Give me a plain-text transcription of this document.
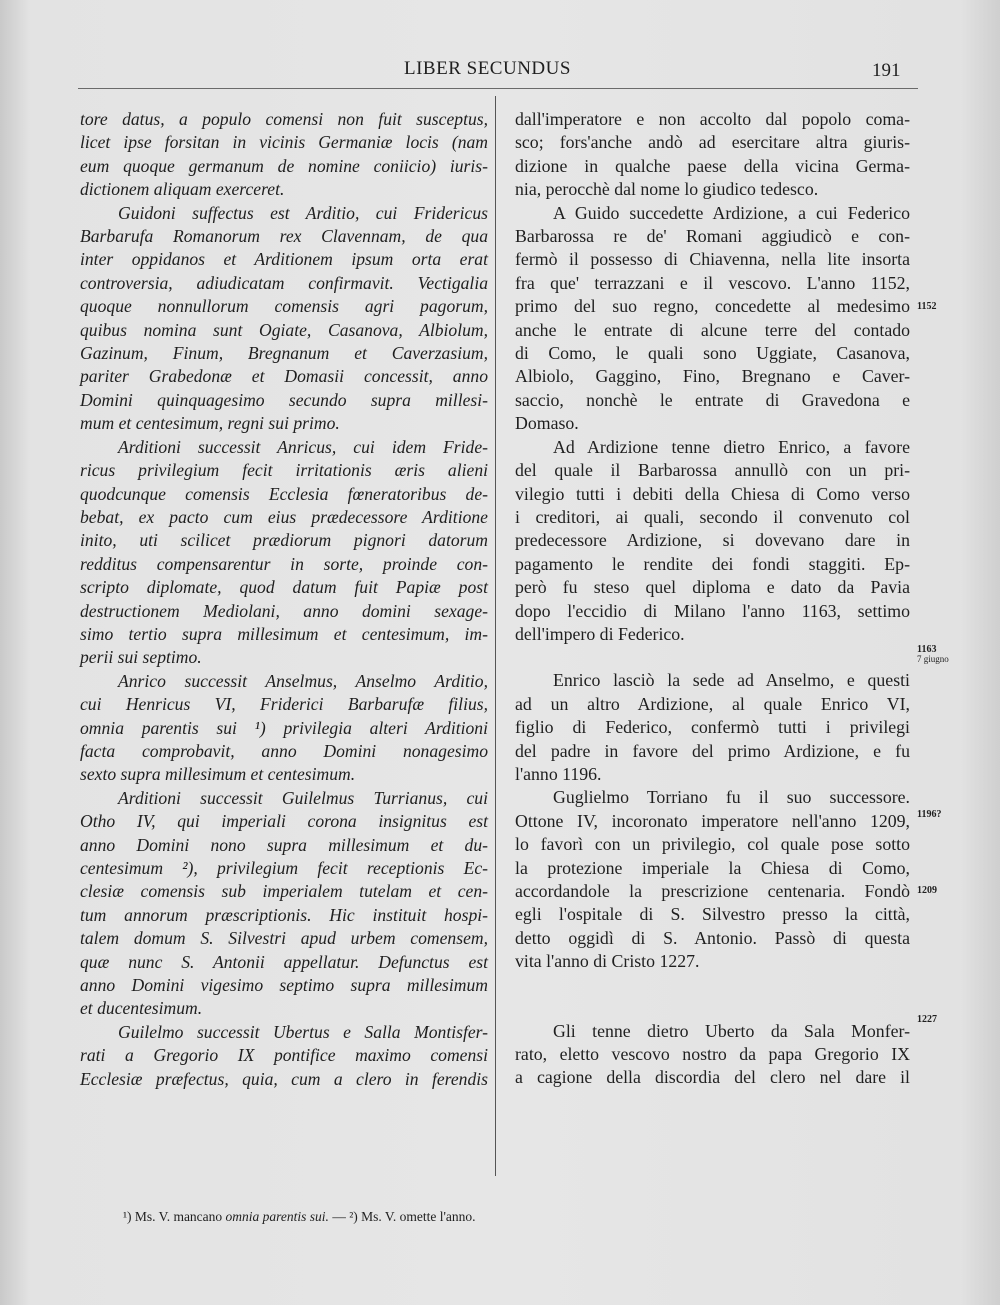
LIBER SECUNDUS	191
tore datus, a populo comensi non fuit susceptus,
licet ipse forsitan in vicinis Germaniæ locis (nam
eum quoque germanum de nomine coniicio) iuris-
dictionem aliquam exerceret.
Guidoni suffectus est Arditio, cui Fridericus
Barbarufa Romanorum rex Clavennam, de qua
inter oppidanos et Arditionem ipsum orta erat
controversia, adiudicatam confirmavit. Vectigalia
quoque nonnullorum comensis agri pagorum,
quibus nomina sunt Ogiate, Casanova, Albiolum,
Gazinum, Finum, Bregnanum et Caverzasium,
pariter Grabedonæ et Domasii concessit, anno
Domini quinquagesimo secundo supra millesi-
mum et centesimum, regni sui primo.
Arditioni successit Anricus, cui idem Fride-
ricus privilegium fecit irritationis æris alieni
quodcunque comensis Ecclesia fœneratoribus de-
bebat, ex pacto cum eius prædecessore Arditione
inito, uti scilicet prædiorum pignori datorum
redditus compensarentur in sorte, proinde con-
scripto diplomate, quod datum fuit Papiæ post
destructionem Mediolani, anno domini sexage-
simo tertio supra millesimum et centesimum, im-
perii sui septimo.
Anrico successit Anselmus, Anselmo Arditio,
cui Henricus VI, Friderici Barbarufæ filius,
omnia parentis sui ¹) privilegia alteri Arditioni
facta comprobavit, anno Domini nonagesimo
sexto supra millesimum et centesimum.
Arditioni successit Guilelmus Turrianus, cui
Otho IV, qui imperiali corona insignitus est
anno Domini nono supra millesimum et du-
centesimum ²), privilegium fecit receptionis Ec-
clesiæ comensis sub imperialem tutelam et cen-
tum annorum præscriptionis. Hic instituit hospi-
talem domum S. Silvestri apud urbem comensem,
quæ nunc S. Antonii appellatur. Defunctus est
anno Domini vigesimo septimo supra millesimum
et ducentesimum.
Guilelmo successit Ubertus e Salla Montisfer-
rati a Gregorio IX pontifice maximo comensi
Ecclesiæ præfectus, quia, cum a clero in ferendis
dall'imperatore e non accolto dal popolo coma-
sco; fors'anche andò ad esercitare altra giuris-
dizione in qualche paese della vicina Germa-
nia, perocchè dal nome lo giudico tedesco.
A Guido succedette Ardizione, a cui Federico
Barbarossa re de' Romani aggiudicò e con-
fermò il possesso di Chiavenna, nella lite insorta
fra que' terrazzani e il vescovo. L'anno 1152,
primo del suo regno, concedette al medesimo
anche le entrate di alcune terre del contado
di Como, le quali sono Uggiate, Casanova,
Albiolo, Gaggino, Fino, Bregnano e Caver-
saccio, nonchè le entrate di Gravedona e
Domaso.
Ad Ardizione tenne dietro Enrico, a favore
del quale il Barbarossa annullò con un pri-
vilegio tutti i debiti della Chiesa di Como verso
i creditori, ai quali, secondo il convenuto col
predecessore Ardizione, si dovevano dare in
pagamento le rendite dei fondi staggiti. Ep-
però fu steso quel diploma e dato da Pavia
dopo l'eccidio di Milano l'anno 1163, settimo
dell'impero di Federico.
Enrico lasciò la sede ad Anselmo, e questi
ad un altro Ardizione, al quale Enrico VI,
figlio di Federico, confermò tutti i privilegi
del padre in favore del primo Ardizione, e fu
l'anno 1196.
Guglielmo Torriano fu il suo successore.
Ottone IV, incoronato imperatore nell'anno 1209,
lo favorì con un privilegio, col quale pose sotto
la protezione imperiale la Chiesa di Como,
accordandole la prescrizione centenaria. Fondò
egli l'ospitale di S. Silvestro presso la città,
detto oggidì di S. Antonio. Passò di questa
vita l'anno di Cristo 1227.
Gli tenne dietro Uberto da Sala Monfer-
rato, eletto vescovo nostro da papa Gregorio IX
a cagione della discordia del clero nel dare il
1152
1163
7 giugno
1196?
1209
1227
¹) Ms. V. mancano omnia parentis sui. — ²) Ms. V. omette l'anno.
